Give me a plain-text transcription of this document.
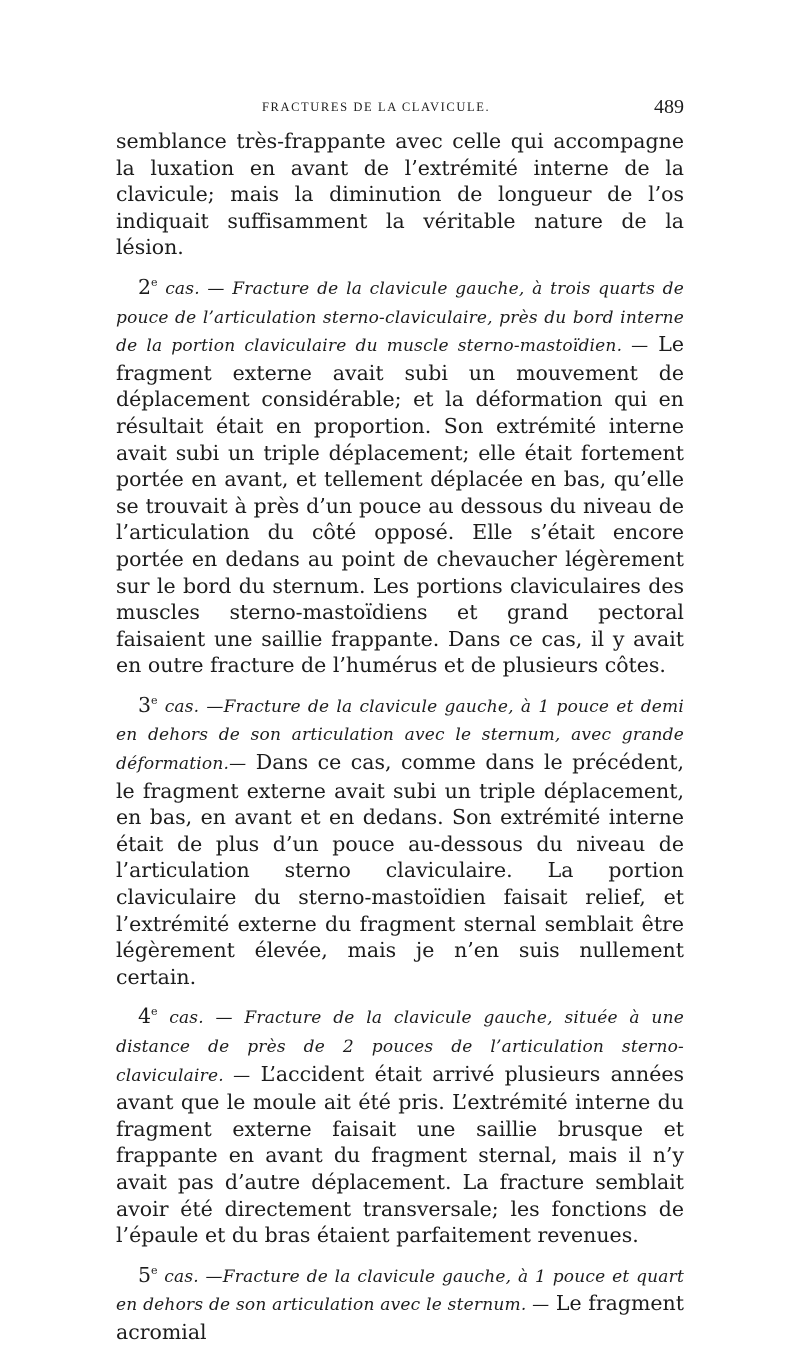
FRACTURES DE LA CLAVICULE.	489

semblance très-frappante avec celle qui accompagne la luxation en avant de l’extrémité interne de la clavicule; mais la diminution de longueur de l’os indiquait suffisamment la véritable nature de la lésion.

2e cas. — Fracture de la clavicule gauche, à trois quarts de pouce de l’articulation sterno-claviculaire, près du bord interne de la portion claviculaire du muscle sterno-mastoïdien. — Le fragment externe avait subi un mouvement de déplacement considérable; et la déformation qui en résultait était en proportion. Son extrémité interne avait subi un triple déplacement; elle était fortement portée en avant, et tellement déplacée en bas, qu’elle se trouvait à près d’un pouce au dessous du niveau de l’articulation du côté opposé. Elle s’était encore portée en dedans au point de chevaucher légèrement sur le bord du sternum. Les portions claviculaires des muscles sterno-mastoïdiens et grand pectoral faisaient une saillie frappante. Dans ce cas, il y avait en outre fracture de l’humérus et de plusieurs côtes.

3e cas. —Fracture de la clavicule gauche, à 1 pouce et demi en dehors de son articulation avec le sternum, avec grande déformation.— Dans ce cas, comme dans le précédent, le fragment externe avait subi un triple déplacement, en bas, en avant et en dedans. Son extrémité interne était de plus d’un pouce au-dessous du niveau de l’articulation sterno claviculaire. La portion claviculaire du sterno-mastoïdien faisait relief, et l’extrémité externe du fragment sternal semblait être légèrement élevée, mais je n’en suis nullement certain.

4e cas. — Fracture de la clavicule gauche, située à une distance de près de 2 pouces de l’articulation sterno-claviculaire. — L’accident était arrivé plusieurs années avant que le moule ait été pris. L’extrémité interne du fragment externe faisait une saillie brusque et frappante en avant du fragment sternal, mais il n’y avait pas d’autre déplacement. La fracture semblait avoir été directement transversale; les fonctions de l’épaule et du bras étaient parfaitement revenues.

5e cas. —Fracture de la clavicule gauche, à 1 pouce et quart en dehors de son articulation avec le sternum. — Le fragment acromial
